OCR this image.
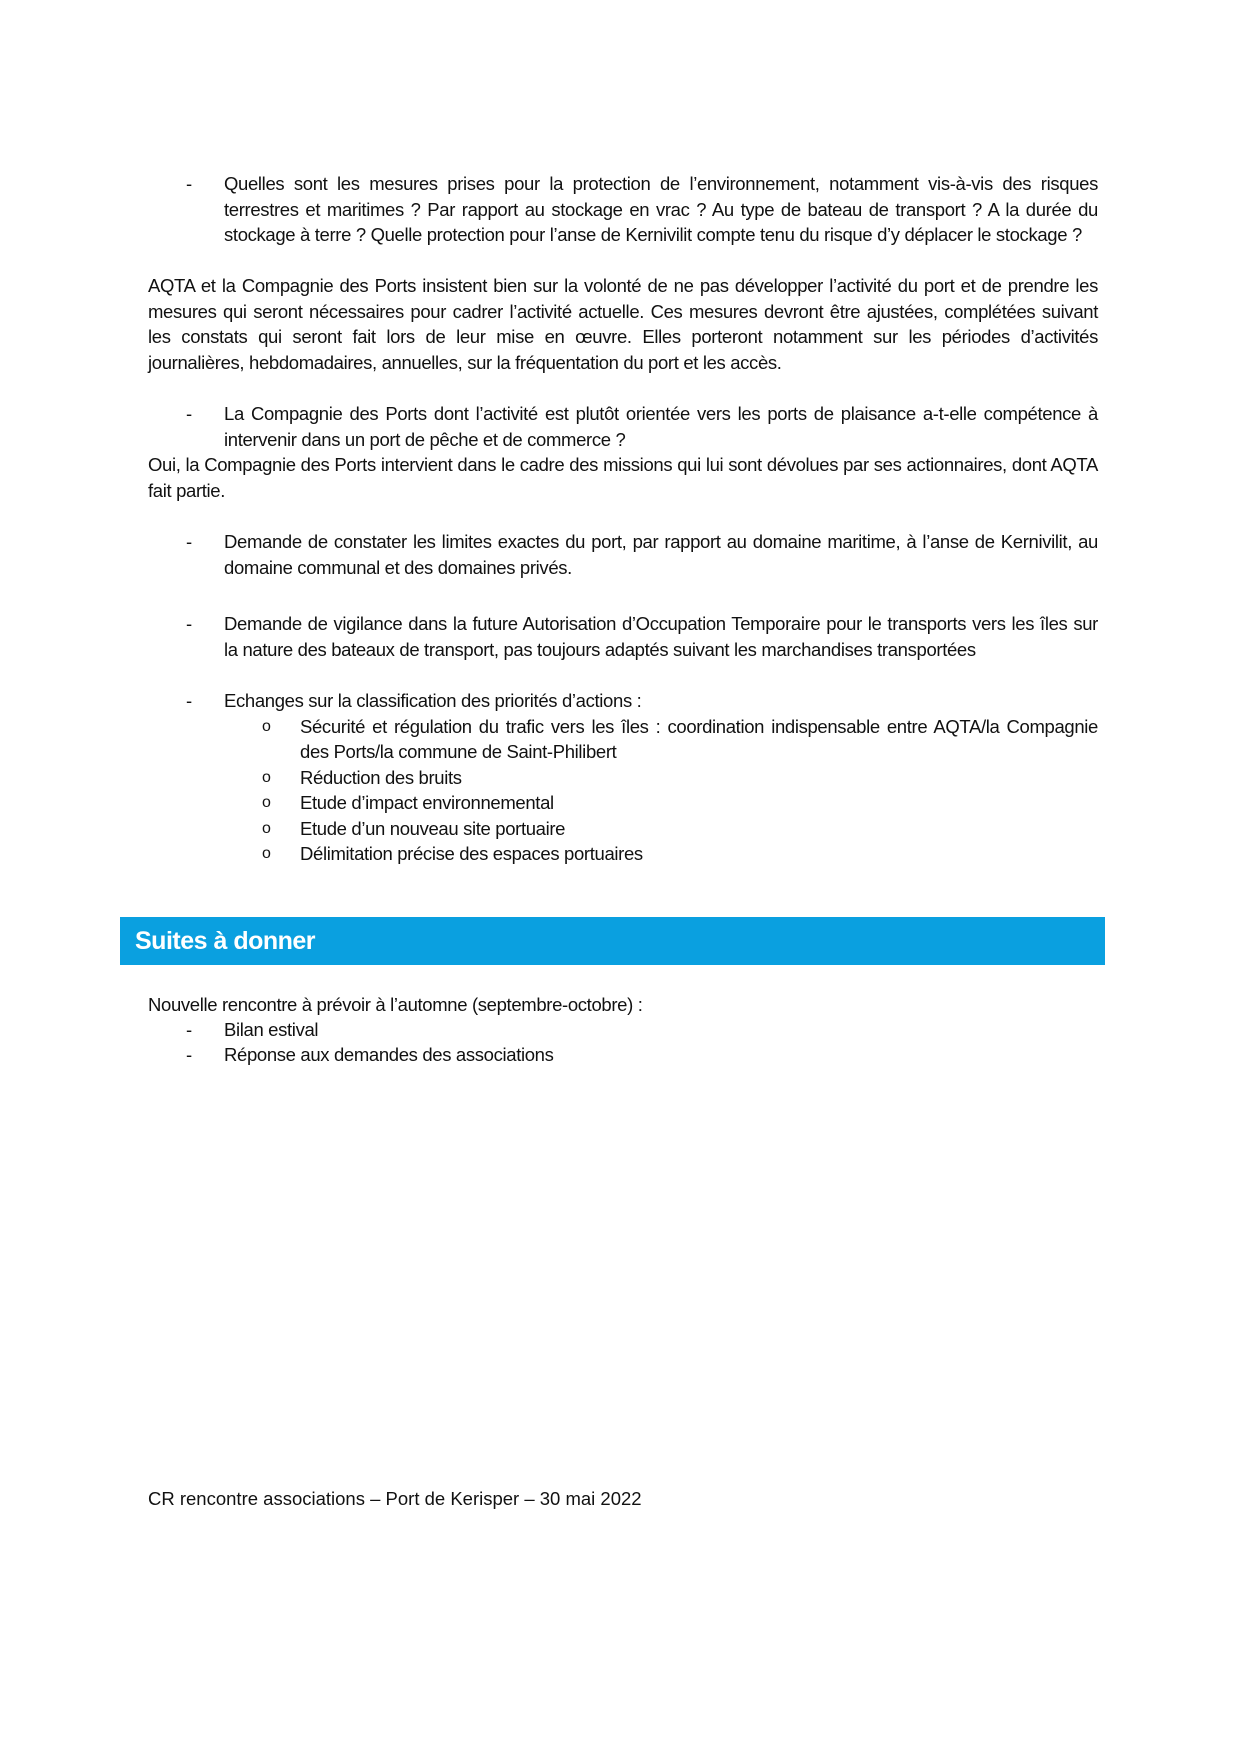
- Quelles sont les mesures prises pour la protection de l’environnement, notamment vis-à-vis des risques terrestres et maritimes ? Par rapport au stockage en vrac ? Au type de bateau de transport ? A la durée du stockage à terre ? Quelle protection pour l’anse de Kernivilit compte tenu du risque d’y déplacer le stockage ?
AQTA et la Compagnie des Ports insistent bien sur la volonté de ne pas développer l’activité du port et de prendre les mesures qui seront nécessaires pour cadrer l’activité actuelle. Ces mesures devront être ajustées, complétées suivant les constats qui seront fait lors de leur mise en œuvre. Elles porteront notamment sur les périodes d’activités journalières, hebdomadaires, annuelles, sur la fréquentation du port et les accès.
- La Compagnie des Ports dont l’activité est plutôt orientée vers les ports de plaisance a-t-elle compétence à intervenir dans un port de pêche et de commerce ?
Oui, la Compagnie des Ports intervient dans le cadre des missions qui lui sont dévolues par ses actionnaires, dont AQTA fait partie.
- Demande de constater les limites exactes du port, par rapport au domaine maritime, à l’anse de Kernivilit, au domaine communal et des domaines privés.
- Demande de vigilance dans la future Autorisation d’Occupation Temporaire pour le transports vers les îles sur la nature des bateaux de transport, pas toujours adaptés suivant les marchandises transportées
- Echanges sur la classification des priorités d’actions :
o Sécurité et régulation du trafic vers les îles : coordination indispensable entre AQTA/la Compagnie des Ports/la commune de Saint-Philibert
o Réduction des bruits
o Etude d’impact environnemental
o Etude d’un nouveau site portuaire
o Délimitation précise des espaces portuaires
Suites à donner
Nouvelle rencontre à prévoir à l’automne (septembre-octobre) :
- Bilan estival
- Réponse aux demandes des associations
CR rencontre associations – Port de Kerisper – 30 mai 2022
